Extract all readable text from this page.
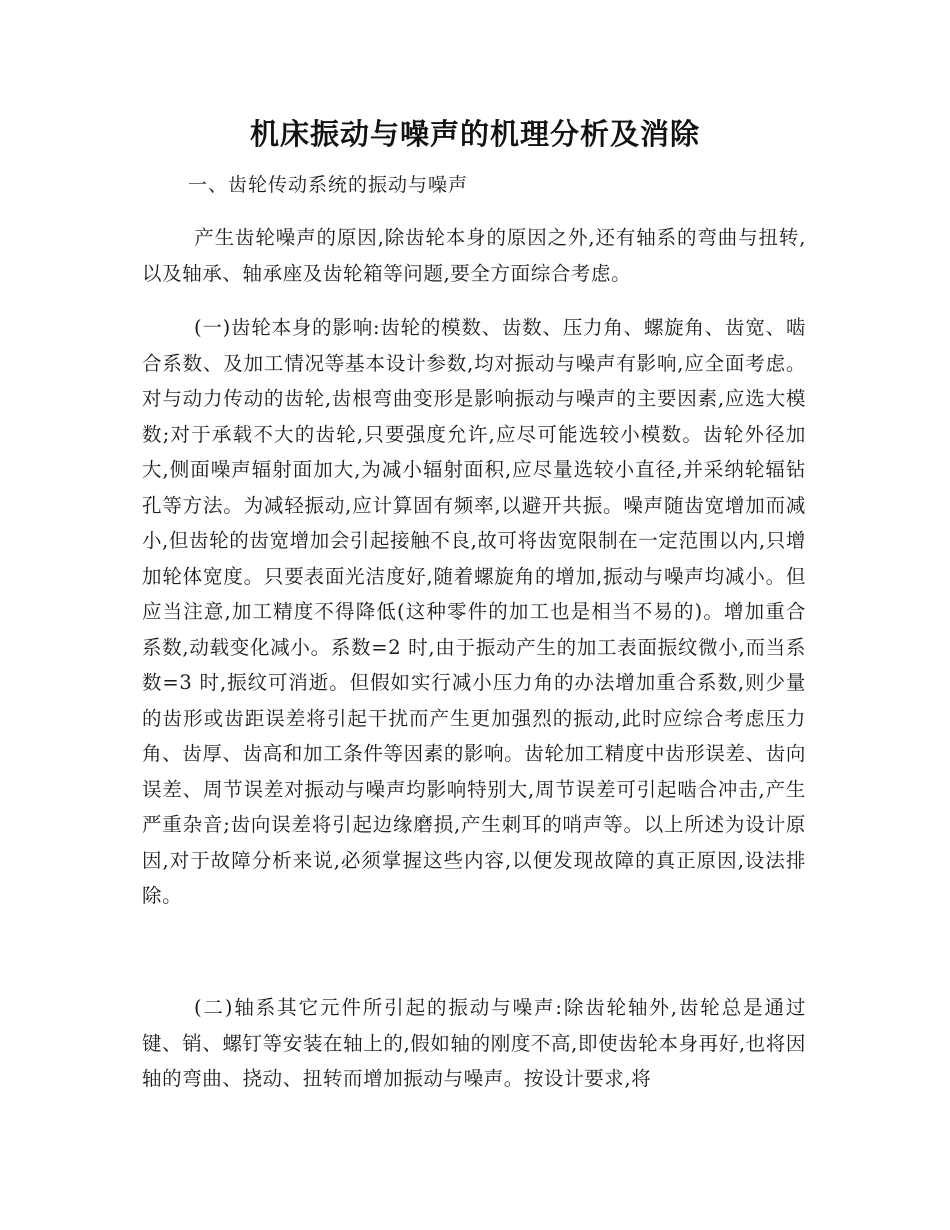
机床振动与噪声的机理分析及消除
一、齿轮传动系统的振动与噪声

产生齿轮噪声的原因,除齿轮本身的原因之外,还有轴系的弯曲与扭转,以及轴承、轴承座及齿轮箱等问题,要全方面综合考虑。

(一)齿轮本身的影响:齿轮的模数、齿数、压力角、螺旋角、齿宽、啮合系数、及加工情况等基本设计参数,均对振动与噪声有影响,应全面考虑。对与动力传动的齿轮,齿根弯曲变形是影响振动与噪声的主要因素,应选大模数;对于承载不大的齿轮,只要强度允许,应尽可能选较小模数。齿轮外径加大,侧面噪声辐射面加大,为减小辐射面积,应尽量选较小直径,并采纳轮辐钻孔等方法。为减轻振动,应计算固有频率,以避开共振。噪声随齿宽增加而减小,但齿轮的齿宽增加会引起接触不良,故可将齿宽限制在一定范围以内,只增加轮体宽度。只要表面光洁度好,随着螺旋角的增加,振动与噪声均减小。但应当注意,加工精度不得降低(这种零件的加工也是相当不易的)。增加重合系数,动载变化减小。系数=2 时,由于振动产生的加工表面振纹微小,而当系数=3 时,振纹可消逝。但假如实行减小压力角的办法增加重合系数,则少量的齿形或齿距误差将引起干扰而产生更加强烈的振动,此时应综合考虑压力角、齿厚、齿高和加工条件等因素的影响。齿轮加工精度中齿形误差、齿向误差、周节误差对振动与噪声均影响特别大,周节误差可引起啮合冲击,产生严重杂音;齿向误差将引起边缘磨损,产生刺耳的哨声等。以上所述为设计原因,对于故障分析来说,必须掌握这些内容,以便发现故障的真正原因,设法排除。

(二)轴系其它元件所引起的振动与噪声:除齿轮轴外,齿轮总是通过键、销、螺钉等安装在轴上的,假如轴的刚度不高,即使齿轮本身再好,也将因轴的弯曲、挠动、扭转而增加振动与噪声。按设计要求,将
